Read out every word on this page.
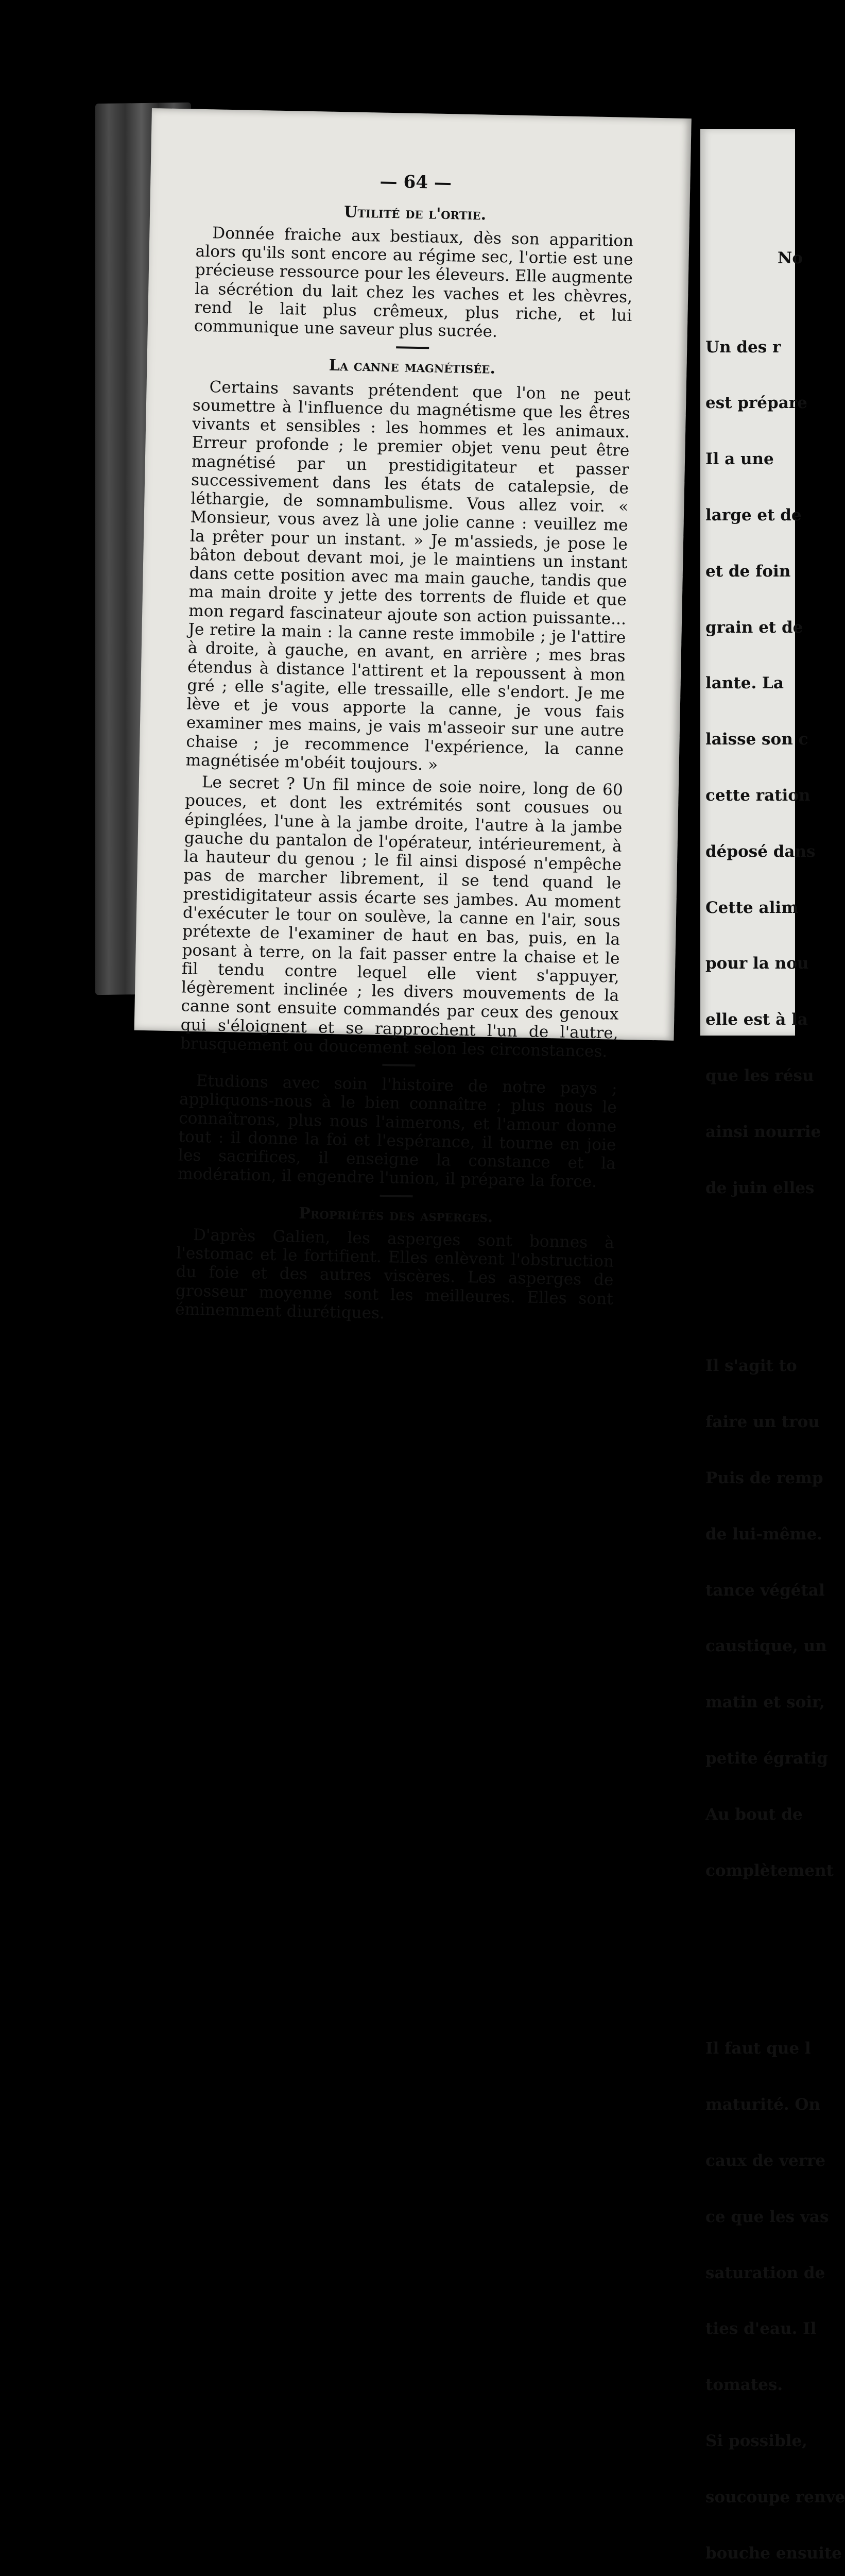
— 64 —
Utilité de l'ortie.

Donnée fraiche aux bestiaux, dès son apparition alors qu'ils sont encore au régime sec, l'ortie est une précieuse ressource pour les éleveurs. Elle augmente la sécrétion du lait chez les vaches et les chèvres, rend le lait plus crêmeux, plus riche, et lui communique une saveur plus sucrée.

La canne magnétisée.

Certains savants prétendent que l'on ne peut soumettre à l'influence du magnétisme que les êtres vivants et sensibles : les hommes et les animaux. Erreur profonde ; le premier objet venu peut être magnétisé par un prestidigitateur et passer successivement dans les états de catalepsie, de léthargie, de somnambulisme. Vous allez voir. « Monsieur, vous avez là une jolie canne : veuillez me la prêter pour un instant. » Je m'assieds, je pose le bâton debout devant moi, je le maintiens un instant dans cette position avec ma main gauche, tandis que ma main droite y jette des torrents de fluide et que mon regard fascinateur ajoute son action puissante... Je retire la main : la canne reste immobile ; je l'attire à droite, à gauche, en avant, en arrière ; mes bras étendus à distance l'attirent et la repoussent à mon gré ; elle s'agite, elle tressaille, elle s'endort. Je me lève et je vous apporte la canne, je vous fais examiner mes mains, je vais m'asseoir sur une autre chaise ; je recommence l'expérience, la canne magnétisée m'obéit toujours. »

Le secret ? Un fil mince de soie noire, long de 60 pouces, et dont les extrémités sont cousues ou épinglées, l'une à la jambe droite, l'autre à la jambe gauche du pantalon de l'opérateur, intérieurement, à la hauteur du genou ; le fil ainsi disposé n'empêche pas de marcher librement, il se tend quand le prestidigitateur assis écarte ses jambes. Au moment d'exécuter le tour on soulève, la canne en l'air, sous prétexte de l'examiner de haut en bas, puis, en la posant à terre, on la fait passer entre la chaise et le fil tendu contre lequel elle vient s'appuyer, légèrement inclinée ; les divers mouvements de la canne sont ensuite commandés par ceux des genoux qui s'éloignent et se rapprochent l'un de l'autre, brusquement ou doucement selon les circonstances.

Etudions avec soin l'histoire de notre pays ; appliquons-nous à le bien connaître ; plus nous le connaîtrons, plus nous l'aimerons, et l'amour donne tout : il donne la foi et l'espérance, il tourne en joie les sacrifices, il enseigne la constance et la modération, il engendre l'union, il prépare la force.

Propriétés des asperges.

D'après Galien, les asperges sont bonnes à l'estomac et le fortifient. Elles enlèvent l'obstruction du foie et des autres viscères. Les asperges de grosseur moyenne sont les meilleures. Elles sont éminemment diurétiques.

No

Un des r

est prépare

Il a une

large et de

et de foin

grain et de

lante. La

laisse son c

cette ration

déposé dans

Cette alim

pour la nou

elle est à la

que les résu

ainsi nourrie

de juin elles

Il s'agit to

faire un trou

Puis de remp

de lui-même.

tance végétal

caustique, un

matin et soir,

petite égratig

Au bout de

complètement

Il faut que l

maturité. On

caux de verre

ce que les vas

saturation de

ties d'eau. Il

tomates.

Si possible,

soucoupe renve

bouche ensuite
